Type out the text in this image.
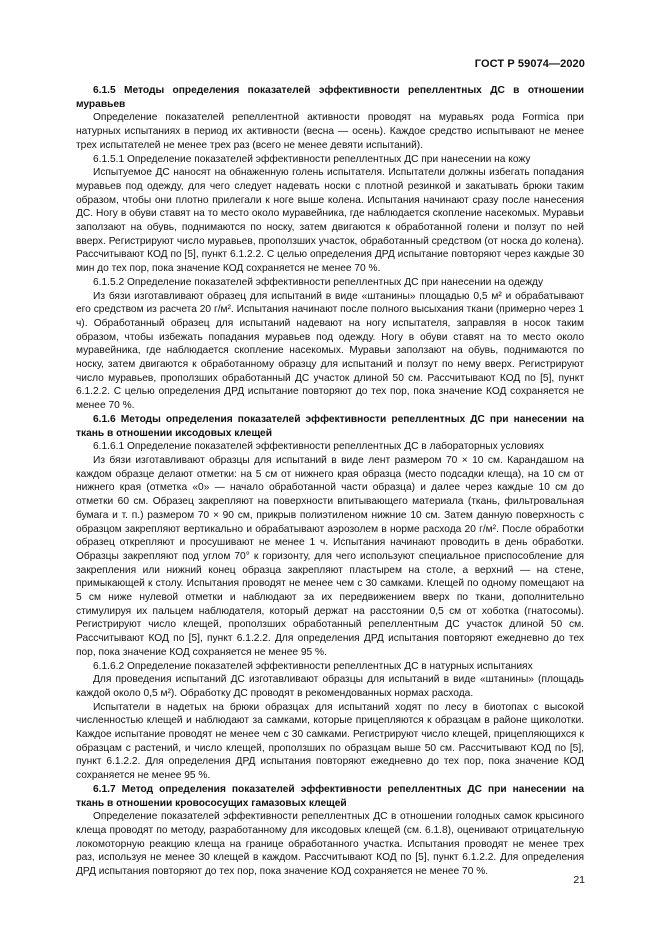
ГОСТ Р 59074—2020

6.1.5 Методы определения показателей эффективности репеллентных ДС в отношении муравьев

Определение показателей репеллентной активности проводят на муравьях рода Formica при натурных испытаниях в период их активности (весна — осень). Каждое средство испытывают не менее трех испытателей не менее трех раз (всего не менее девяти испытаний).

6.1.5.1 Определение показателей эффективности репеллентных ДС при нанесении на кожу

Испытуемое ДС наносят на обнаженную голень испытателя. Испытатели должны избегать попадания муравьев под одежду, для чего следует надевать носки с плотной резинкой и закатывать брюки таким образом, чтобы они плотно прилегали к ноге выше колена. Испытания начинают сразу после нанесения ДС. Ногу в обуви ставят на то место около муравейника, где наблюдается скопление насекомых. Муравьи заползают на обувь, поднимаются по носку, затем двигаются к обработанной голени и ползут по ней вверх. Регистрируют число муравьев, проползших участок, обработанный средством (от носка до колена). Рассчитывают КОД по [5], пункт 6.1.2.2. С целью определения ДРД испытание повторяют через каждые 30 мин до тех пор, пока значение КОД сохраняется не менее 70 %.

6.1.5.2 Определение показателей эффективности репеллентных ДС при нанесении на одежду

Из бязи изготавливают образец для испытаний в виде «штанины» площадью 0,5 м² и обрабатывают его средством из расчета 20 г/м². Испытания начинают после полного высыхания ткани (примерно через 1 ч). Обработанный образец для испытаний надевают на ногу испытателя, заправляя в носок таким образом, чтобы избежать попадания муравьев под одежду. Ногу в обуви ставят на то место около муравейника, где наблюдается скопление насекомых. Муравьи заползают на обувь, поднимаются по носку, затем двигаются к обработанному образцу для испытаний и ползут по нему вверх. Регистрируют число муравьев, проползших обработанный ДС участок длиной 50 см. Рассчитывают КОД по [5], пункт 6.1.2.2. С целью определения ДРД испытание повторяют до тех пор, пока значение КОД сохраняется не менее 70 %.

6.1.6 Методы определения показателей эффективности репеллентных ДС при нанесении на ткань в отношении иксодовых клещей

6.1.6.1 Определение показателей эффективности репеллентных ДС в лабораторных условиях

Из бязи изготавливают образцы для испытаний в виде лент размером 70 × 10 см. Карандашом на каждом образце делают отметки: на 5 см от нижнего края образца (место подсадки клеща), на 10 см от нижнего края (отметка «0» — начало обработанной части образца) и далее через каждые 10 см до отметки 60 см. Образец закрепляют на поверхности впитывающего материала (ткань, фильтровальная бумага и т. п.) размером 70 × 90 см, прикрыв полиэтиленом нижние 10 см. Затем данную поверхность с образцом закрепляют вертикально и обрабатывают аэрозолем в норме расхода 20 г/м². После обработки образец открепляют и просушивают не менее 1 ч. Испытания начинают проводить в день обработки. Образцы закрепляют под углом 70° к горизонту, для чего используют специальное приспособление для закрепления или нижний конец образца закрепляют пластырем на столе, а верхний — на стене, примыкающей к столу. Испытания проводят не менее чем с 30 самками. Клещей по одному помещают на 5 см ниже нулевой отметки и наблюдают за их передвижением вверх по ткани, дополнительно стимулируя их пальцем наблюдателя, который держат на расстоянии 0,5 см от хоботка (гнатосомы). Регистрируют число клещей, проползших обработанный репеллентным ДС участок длиной 50 см. Рассчитывают КОД по [5], пункт 6.1.2.2. Для определения ДРД испытания повторяют ежедневно до тех пор, пока значение КОД сохраняется не менее 95 %.

6.1.6.2 Определение показателей эффективности репеллентных ДС в натурных испытаниях

Для проведения испытаний ДС изготавливают образцы для испытаний в виде «штанины» (площадь каждой около 0,5 м²). Обработку ДС проводят в рекомендованных нормах расхода.

Испытатели в надетых на брюки образцах для испытаний ходят по лесу в биотопах с высокой численностью клещей и наблюдают за самками, которые прицепляются к образцам в районе щиколотки. Каждое испытание проводят не менее чем с 30 самками. Регистрируют число клещей, прицепляющихся к образцам с растений, и число клещей, проползших по образцам выше 50 см. Рассчитывают КОД по [5], пункт 6.1.2.2. Для определения ДРД испытания повторяют ежедневно до тех пор, пока значение КОД сохраняется не менее 95 %.

6.1.7 Метод определения показателей эффективности репеллентных ДС при нанесении на ткань в отношении кровососущих гамазовых клещей

Определение показателей эффективности репеллентных ДС в отношении голодных самок крысиного клеща проводят по методу, разработанному для иксодовых клещей (см. 6.1.8), оценивают отрицательную локомоторную реакцию клеща на границе обработанного участка. Испытания проводят не менее трех раз, используя не менее 30 клещей в каждом. Рассчитывают КОД по [5], пункт 6.1.2.2. Для определения ДРД испытания повторяют до тех пор, пока значение КОД сохраняется не менее 70 %.

21
